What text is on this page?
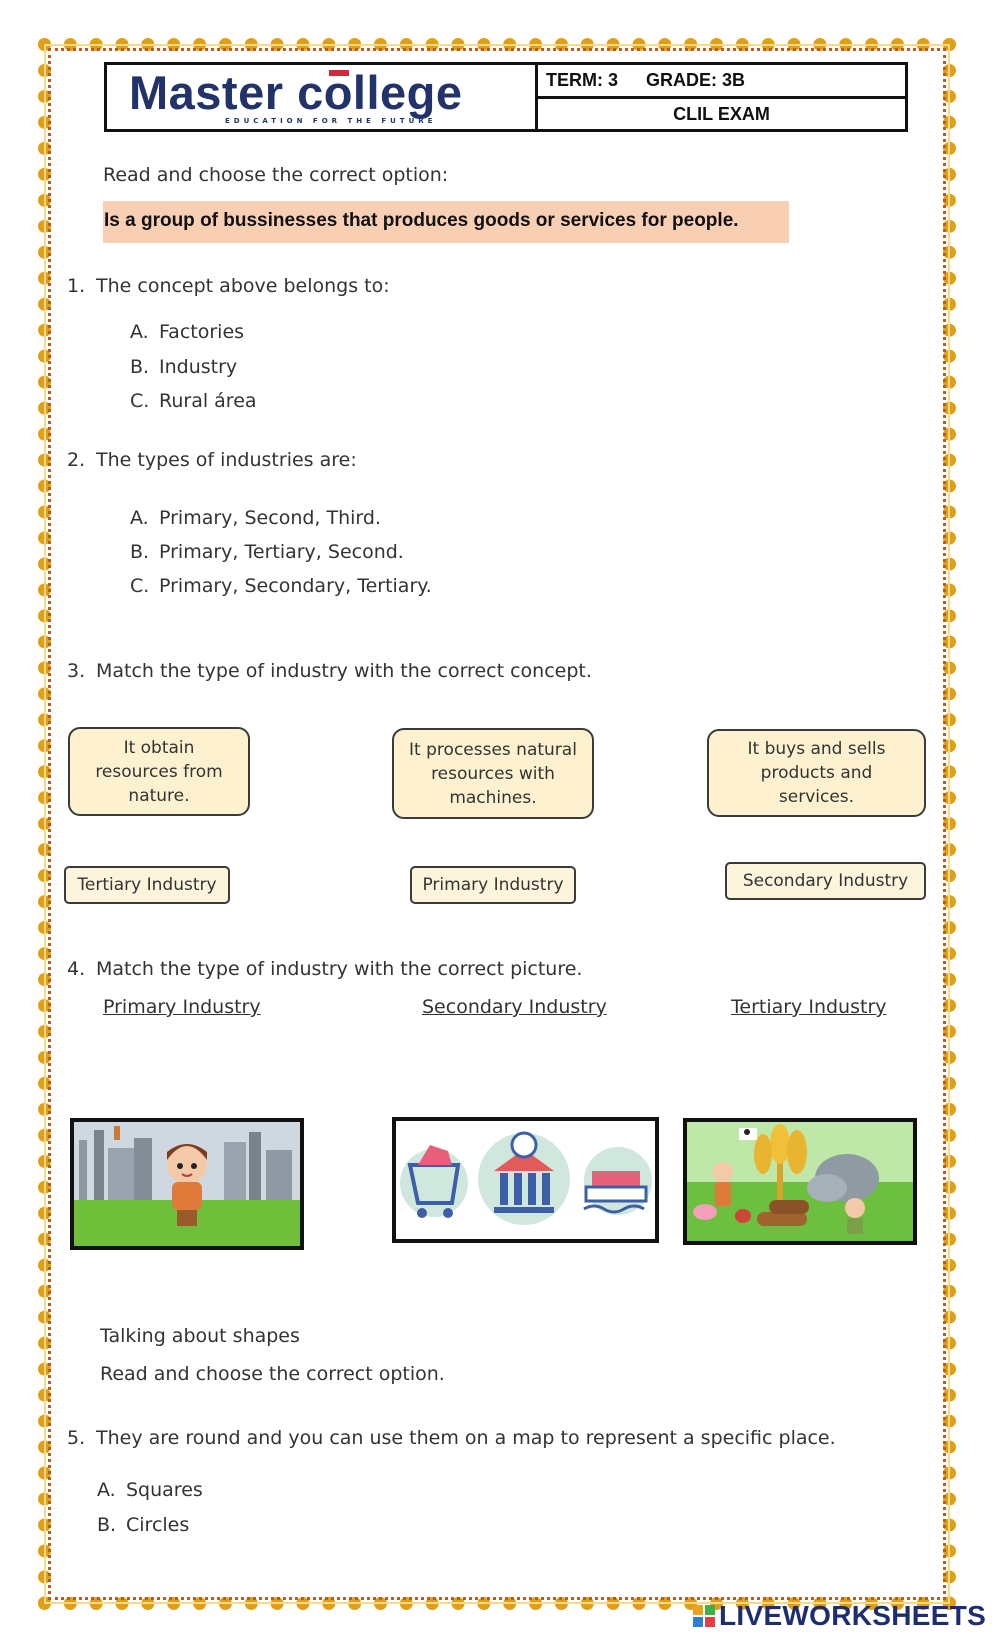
Master college
EDUCATION FOR THE FUTURE
TERM: 3 GRADE: 3B
CLIL EXAM
Read and choose the correct option:
Is a group of bussinesses that produces goods or services for people.
1. The concept above belongs to:
A. Factories
B. Industry
C. Rural área
2. The types of industries are:
A. Primary, Second, Third.
B. Primary, Tertiary, Second.
C. Primary, Secondary, Tertiary.
3. Match the type of industry with the correct concept.
It obtain
resources from
nature.
It processes natural
resources with
machines.
It buys and sells
products and
services.
Tertiary Industry	Primary Industry	Secondary Industry
4. Match the type of industry with the correct picture.
Primary Industry	Secondary Industry	Tertiary Industry
Talking about shapes
Read and choose the correct option.
5. They are round and you can use them on a map to represent a specific place.
A. Squares
B. Circles
LIVEWORKSHEETS
